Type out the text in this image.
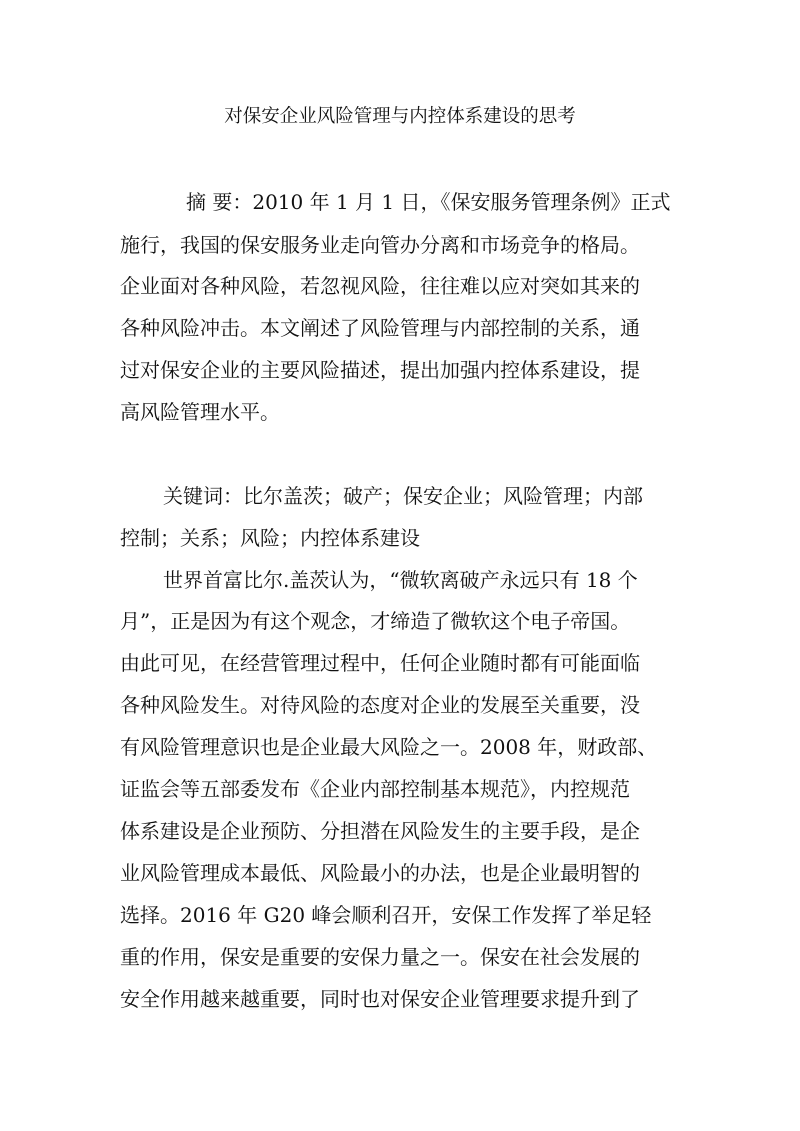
对保安企业风险管理与内控体系建设的思考
摘 要：2010 年 1 月 1 日，《保安服务管理条例》正式
施行，我国的保安服务业走向管办分离和市场竞争的格局。
企业面对各种风险，若忽视风险，往往难以应对突如其来的
各种风险冲击。本文阐述了风险管理与内部控制的关系，通
过对保安企业的主要风险描述，提出加强内控体系建设，提
高风险管理水平。
关键词：比尔盖茨；破产；保安企业；风险管理；内部
控制；关系；风险；内控体系建设
世界首富比尔.盖茨认为，“微软离破产永远只有 18 个
月”，正是因为有这个观念，才缔造了微软这个电子帝国。
由此可见，在经营管理过程中，任何企业随时都有可能面临
各种风险发生。对待风险的态度对企业的发展至关重要，没
有风险管理意识也是企业最大风险之一。2008 年，财政部、
证监会等五部委发布《企业内部控制基本规范》，内控规范
体系建设是企业预防、分担潜在风险发生的主要手段，是企
业风险管理成本最低、风险最小的办法，也是企业最明智的
选择。2016 年 G20 峰会顺利召开，安保工作发挥了举足轻
重的作用，保安是重要的安保力量之一。保安在社会发展的
安全作用越来越重要，同时也对保安企业管理要求提升到了
